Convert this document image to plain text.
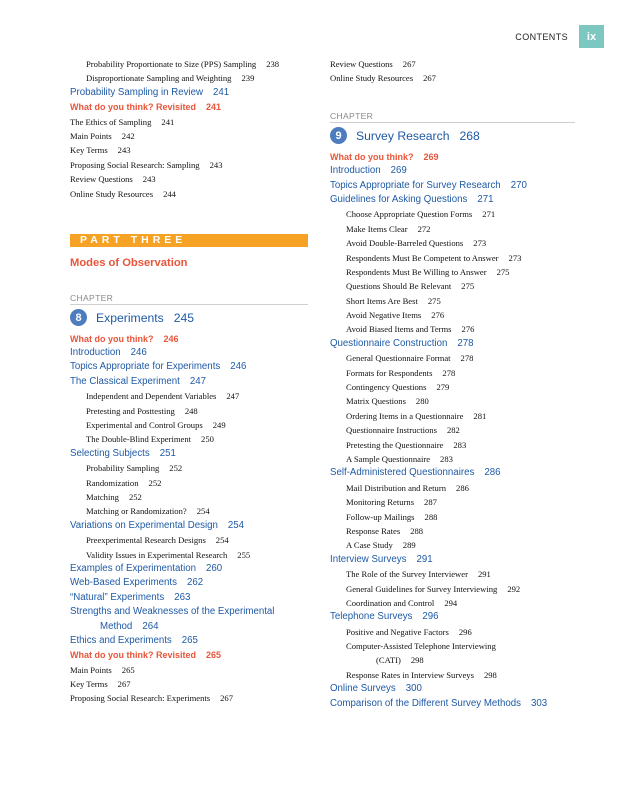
CONTENTS	ix
Probability Proportionate to Size (PPS) Sampling 238
Disproportionate Sampling and Weighting 239
Probability Sampling in Review 241
What do you think? Revisited 241
The Ethics of Sampling 241
Main Points 242
Key Terms 243
Proposing Social Research: Sampling 243
Review Questions 243
Online Study Resources 244
PART THREE
Modes of Observation
CHAPTER
8	Experiments 245
What do you think? 246
Introduction 246
Topics Appropriate for Experiments 246
The Classical Experiment 247
Independent and Dependent Variables 247
Pretesting and Posttesting 248
Experimental and Control Groups 249
The Double-Blind Experiment 250
Selecting Subjects 251
Probability Sampling 252
Randomization 252
Matching 252
Matching or Randomization? 254
Variations on Experimental Design 254
Preexperimental Research Designs 254
Validity Issues in Experimental Research 255
Examples of Experimentation 260
Web-Based Experiments 262
“Natural” Experiments 263
Strengths and Weaknesses of the Experimental
Method 264
Ethics and Experiments 265
What do you think? Revisited 265
Main Points 265
Key Terms 267
Proposing Social Research: Experiments 267
Review Questions 267
Online Study Resources 267
CHAPTER
9	Survey Research 268
What do you think? 269
Introduction 269
Topics Appropriate for Survey Research 270
Guidelines for Asking Questions 271
Choose Appropriate Question Forms 271
Make Items Clear 272
Avoid Double-Barreled Questions 273
Respondents Must Be Competent to Answer 273
Respondents Must Be Willing to Answer 275
Questions Should Be Relevant 275
Short Items Are Best 275
Avoid Negative Items 276
Avoid Biased Items and Terms 276
Questionnaire Construction 278
General Questionnaire Format 278
Formats for Respondents 278
Contingency Questions 279
Matrix Questions 280
Ordering Items in a Questionnaire 281
Questionnaire Instructions 282
Pretesting the Questionnaire 283
A Sample Questionnaire 283
Self-Administered Questionnaires 286
Mail Distribution and Return 286
Monitoring Returns 287
Follow-up Mailings 288
Response Rates 288
A Case Study 289
Interview Surveys 291
The Role of the Survey Interviewer 291
General Guidelines for Survey Interviewing 292
Coordination and Control 294
Telephone Surveys 296
Positive and Negative Factors 296
Computer-Assisted Telephone Interviewing
(CATI) 298
Response Rates in Interview Surveys 298
Online Surveys 300
Comparison of the Different Survey Methods 303
